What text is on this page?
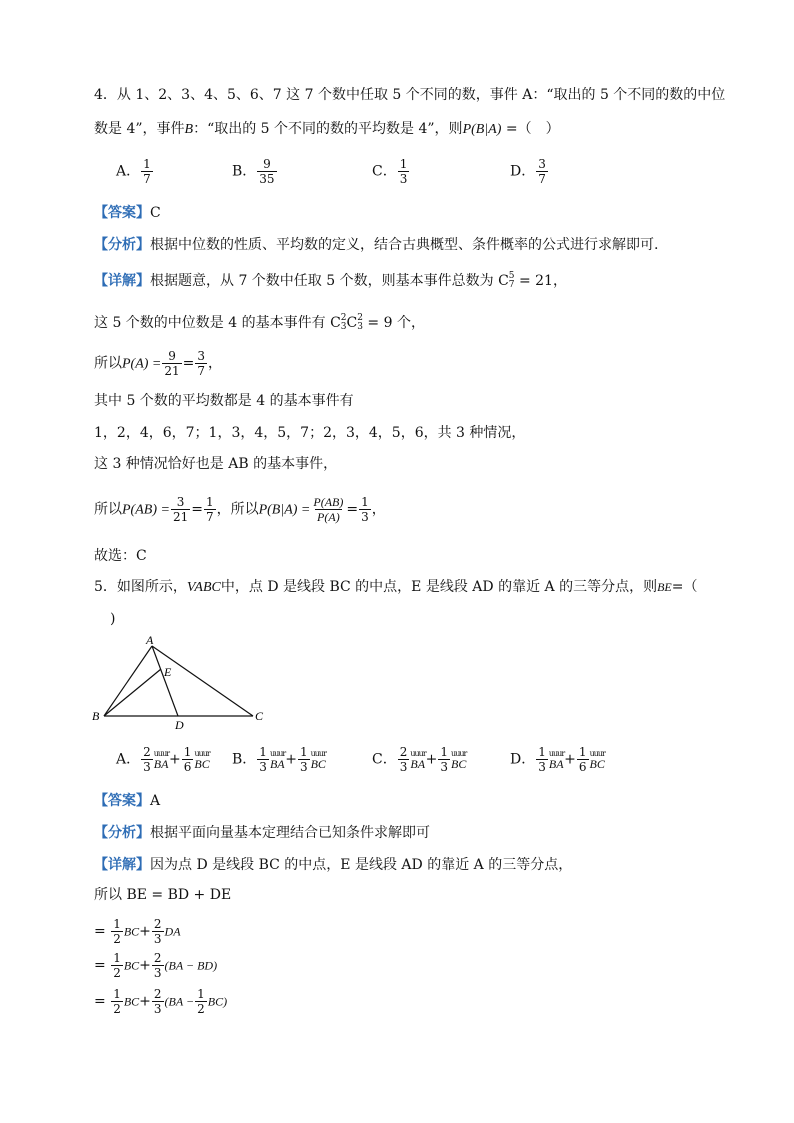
4．从 1、2、3、4、5、6、7 这 7 个数中任取 5 个不同的数，事件 A：“取出的 5 个不同的数的中位
数是 4”，事件B：“取出的 5 个不同的数的平均数是 4”，则P(B|A) =（　）
A． $\frac{1}{7}$	B． $\frac{9}{35}$	C． $\frac{1}{3}$	D． $\frac{3}{7}$
【答案】C
【分析】根据中位数的性质、平均数的定义，结合古典概型、条件概率的公式进行求解即可.
【详解】根据题意，从 7 个数中任取 5 个数，则基本事件总数为 C 5
7 = 21，
这 5 个数的中位数是 4 的基本事件有 C 2
3 C 2
3 = 9 个，
所以$P(A) = \frac{9}{21} = \frac{3}{7}$ ，
其中 5 个数的平均数都是 4 的基本事件有
1，2，4，6，7；1，3，4，5，7；2，3，4，5，6，共 3 种情况，
这 3 种情况恰好也是 AB 的基本事件，
所以$P(AB) = \frac{3}{21} = \frac{1}{7}$ ，所以$P(B|A) = \frac{P(AB)}{P(A)} = \frac{1}{3}$ ，
故选：C
5．如图所示，VABC中，点 D 是线段 BC 的中点，E 是线段 AD 的靠近 A 的三等分点，则BE=（
)
A
E
B
D
C
A． $\frac{2}{3}$ uuur
BA + $\frac{1}{6}$ uuur
BC B． $\frac{1}{3}$ uuur
BA + $\frac{1}{3}$ uuur
BC	C． $\frac{2}{3}$ uuur
BA + $\frac{1}{3}$ uuur
BC	D． $\frac{1}{3}$ uuur
BA + $\frac{1}{6}$ uuur
BC
【答案】A
【分析】根据平面向量基本定理结合已知条件求解即可
【详解】因为点 D 是线段 BC 的中点，E 是线段 AD 的靠近 A 的三等分点，
所以 BE = BD + DE
= $\frac{1}{2} BC+ \frac{2}{3}$ DA
= $\frac{1}{2} BC+ \frac{2}{3} (BA - BD)$
= $\frac{1}{2} BC+ \frac{2}{3} (BA - \frac{1}{2} BC)$
